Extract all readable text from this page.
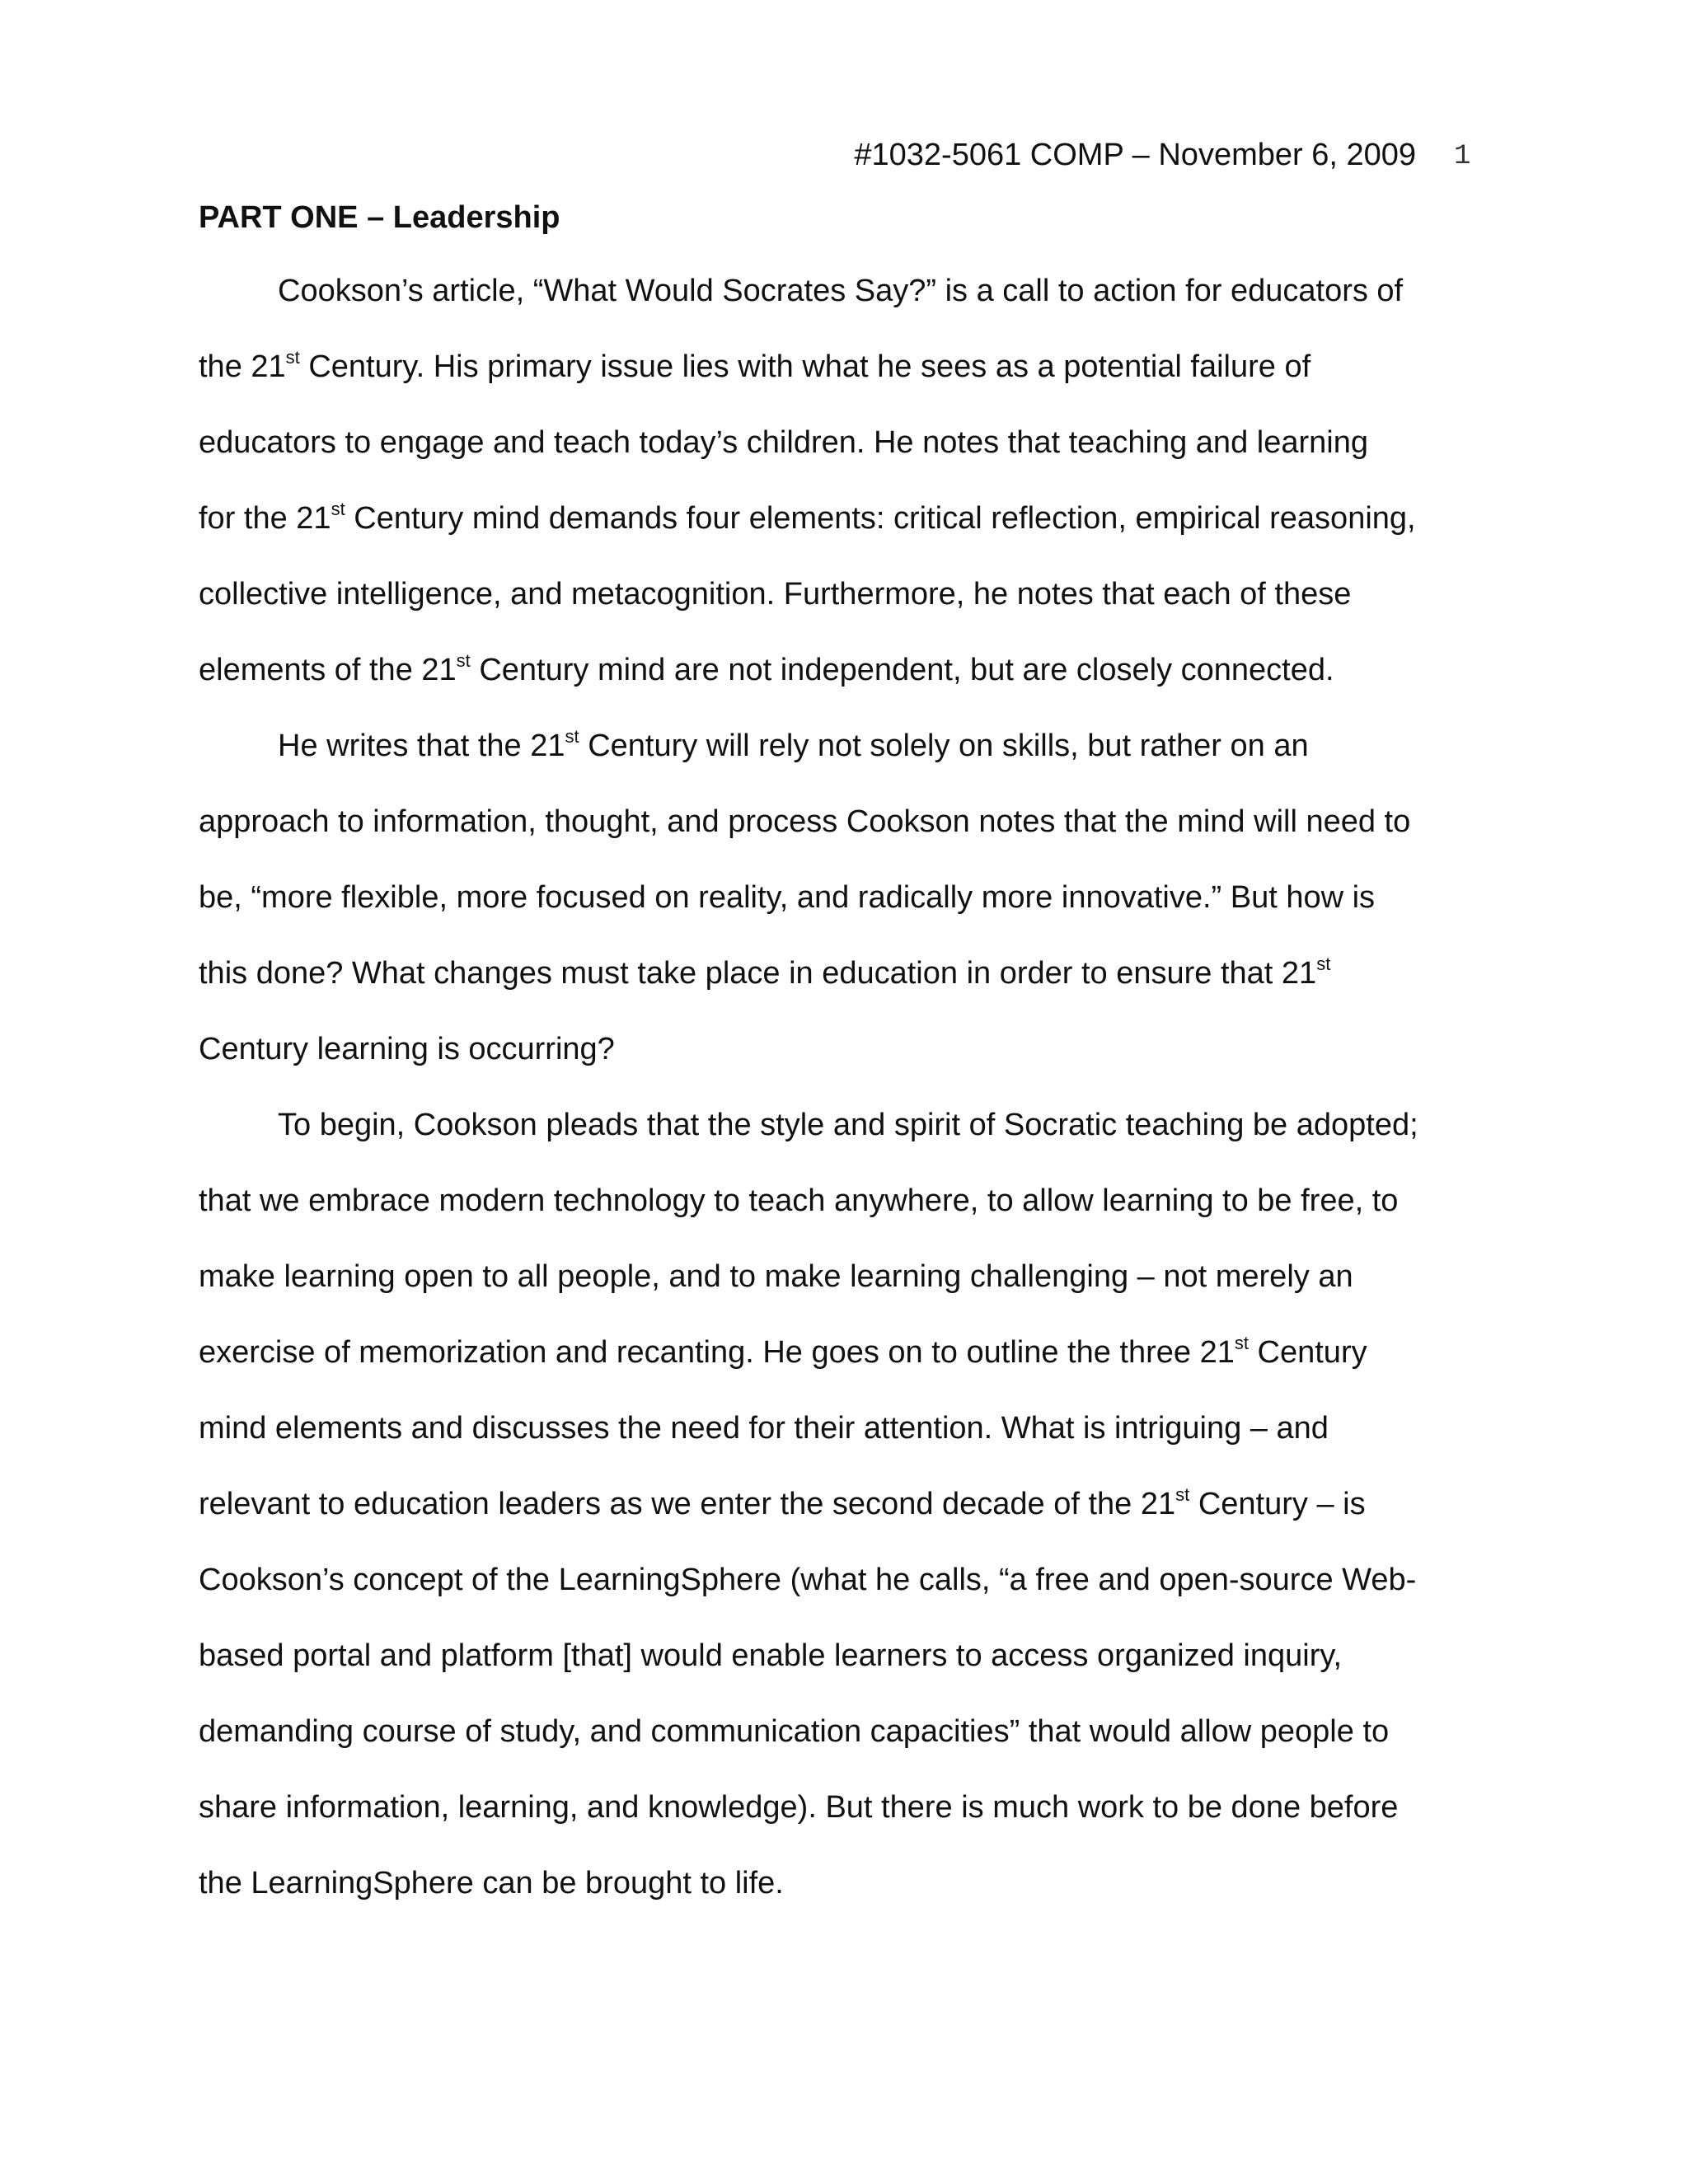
#1032-5061 COMP – November 6, 2009 1
PART ONE – Leadership
Cookson’s article, “What Would Socrates Say?” is a call to action for educators of
the 21st Century. His primary issue lies with what he sees as a potential failure of
educators to engage and teach today’s children. He notes that teaching and learning
for the 21st Century mind demands four elements: critical reflection, empirical reasoning,
collective intelligence, and metacognition. Furthermore, he notes that each of these
elements of the 21st Century mind are not independent, but are closely connected.
He writes that the 21st Century will rely not solely on skills, but rather on an
approach to information, thought, and process Cookson notes that the mind will need to
be, “more flexible, more focused on reality, and radically more innovative.” But how is
this done? What changes must take place in education in order to ensure that 21st
Century learning is occurring?
To begin, Cookson pleads that the style and spirit of Socratic teaching be adopted;
that we embrace modern technology to teach anywhere, to allow learning to be free, to
make learning open to all people, and to make learning challenging – not merely an
exercise of memorization and recanting. He goes on to outline the three 21st Century
mind elements and discusses the need for their attention. What is intriguing – and
relevant to education leaders as we enter the second decade of the 21st Century – is
Cookson’s concept of the LearningSphere (what he calls, “a free and open-source Web-
based portal and platform [that] would enable learners to access organized inquiry,
demanding course of study, and communication capacities” that would allow people to
share information, learning, and knowledge). But there is much work to be done before
the LearningSphere can be brought to life.
